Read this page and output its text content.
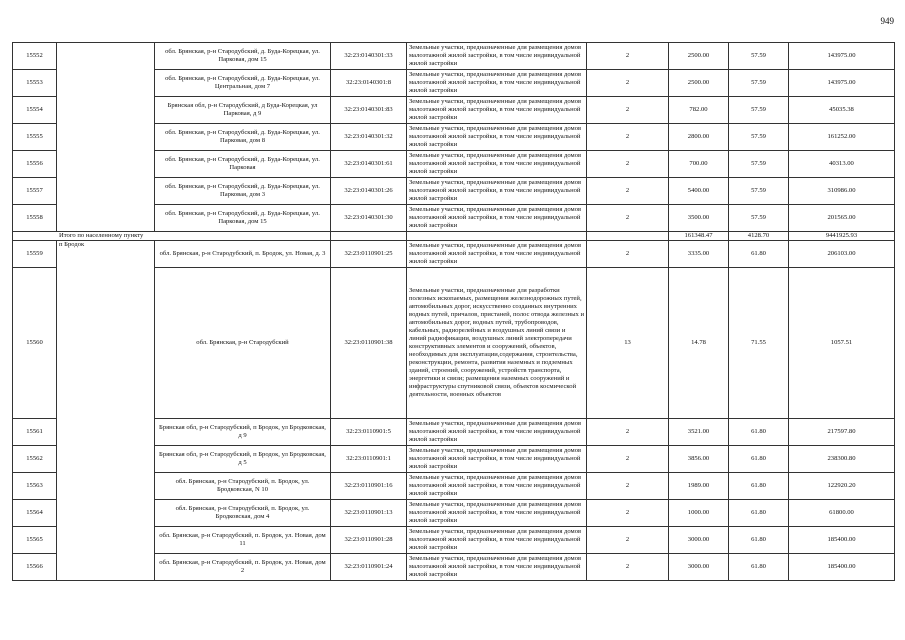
949
15552		обл. Брянская, р-н Стародубский, д. Буда-Корецкая, ул. Парковая, дом 15	32:23:0140301:33	Земельные участки, предназначенные для размещения домов малоэтажной жилой застройки, в том числе индивидуальной жилой застройки	2	2500.00	57.59	143975.00
15553		обл. Брянская, р-н Стародубский, д. Буда-Корецкая, ул. Центральная, дом 7	32:23:0140301:8	Земельные участки, предназначенные для размещения домов малоэтажной жилой застройки, в том числе индивидуальной жилой застройки	2	2500.00	57.59	143975.00
15554		Брянская обл, р-н Стародубский, д Буда-Корецкая, ул Парковая, д 9	32:23:0140301:83	Земельные участки, предназначенные для размещения домов малоэтажной жилой застройки, в том числе индивидуальной жилой застройки	2	782.00	57.59	45035.38
15555		обл. Брянская, р-н Стародубский, д. Буда-Корецкая, ул. Парковая, дом 8	32:23:0140301:32	Земельные участки, предназначенные для размещения домов малоэтажной жилой застройки, в том числе индивидуальной жилой застройки	2	2800.00	57.59	161252.00
15556		обл. Брянская, р-н Стародубский, д. Буда-Корецкая, ул. Парковая	32:23:0140301:61	Земельные участки, предназначенные для размещения домов малоэтажной жилой застройки, в том числе индивидуальной жилой застройки	2	700.00	57.59	40313.00
15557		обл. Брянская, р-н Стародубский, д. Буда-Корецкая, ул. Парковая, дом 3	32:23:0140301:26	Земельные участки, предназначенные для размещения домов малоэтажной жилой застройки, в том числе индивидуальной жилой застройки	2	5400.00	57.59	310986.00
15558		обл. Брянская, р-н Стародубский, д. Буда-Корецкая, ул. Парковая, дом 15	32:23:0140301:30	Земельные участки, предназначенные для размещения домов малоэтажной жилой застройки, в том числе индивидуальной жилой застройки	2	3500.00	57.59	201565.00
Итого по населенному пункту						161348.47	4128.70	9441925.93
15559	п Бродок	обл. Брянская, р-н Стародубский, п. Бродок, ул. Новая, д. 3	32:23:0110901:25	Земельные участки, предназначенные для размещения домов малоэтажной жилой застройки, в том числе индивидуальной жилой застройки	2	3335.00	61.80	206103.00
15560		обл. Брянская, р-н Стародубский	32:23:0110901:38	Земельные участки, предназначенные для разработки полезных ископаемых, размещения железнодорожных путей, автомобильных дорог, искусственно созданных внутренних водных путей, причалов, пристаней, полос отвода железных и автомобильных дорог, водных путей, трубопроводов, кабельных, радиорелейных и воздушных линий связи и линий радиофикации, воздушных линий электропередачи конструктивных элементов и сооружений, объектов, необходимых для эксплуатации,содержания, строительства, реконструкции, ремонта, развития наземных и подземных зданий, строений, сооружений, устройств транспорта, энергетики и связи; размещения наземных сооружений и инфраструктуры спутниковой связи, объектов космической деятельности, военных объектов	13	14.78	71.55	1057.51
15561		Брянская обл, р-н Стародубский, п Бродок, ул Бродковская, д 9	32:23:0110901:5	Земельные участки, предназначенные для размещения домов малоэтажной жилой застройки, в том числе индивидуальной жилой застройки	2	3521.00	61.80	217597.80
15562		Брянская обл, р-н Стародубский, п Бродок, ул Бродковская, д 5	32:23:0110901:1	Земельные участки, предназначенные для размещения домов малоэтажной жилой застройки, в том числе индивидуальной жилой застройки	2	3856.00	61.80	238300.80
15563		обл. Брянская, р-н Стародубский, п. Бродок, ул. Бродковская, N 10	32:23:0110901:16	Земельные участки, предназначенные для размещения домов малоэтажной жилой застройки, в том числе индивидуальной жилой застройки	2	1989.00	61.80	122920.20
15564		обл. Брянская, р-н Стародубский, п. Бродок, ул. Бродковская, дом 4	32:23:0110901:13	Земельные участки, предназначенные для размещения домов малоэтажной жилой застройки, в том числе индивидуальной жилой застройки	2	1000.00	61.80	61800.00
15565		обл. Брянская, р-н Стародубский, п. Бродок, ул. Новая, дом 11	32:23:0110901:28	Земельные участки, предназначенные для размещения домов малоэтажной жилой застройки, в том числе индивидуальной жилой застройки	2	3000.00	61.80	185400.00
15566		обл. Брянская, р-н Стародубский, п. Бродок, ул. Новая, дом 2	32:23:0110901:24	Земельные участки, предназначенные для размещения домов малоэтажной жилой застройки, в том числе индивидуальной жилой застройки	2	3000.00	61.80	185400.00
